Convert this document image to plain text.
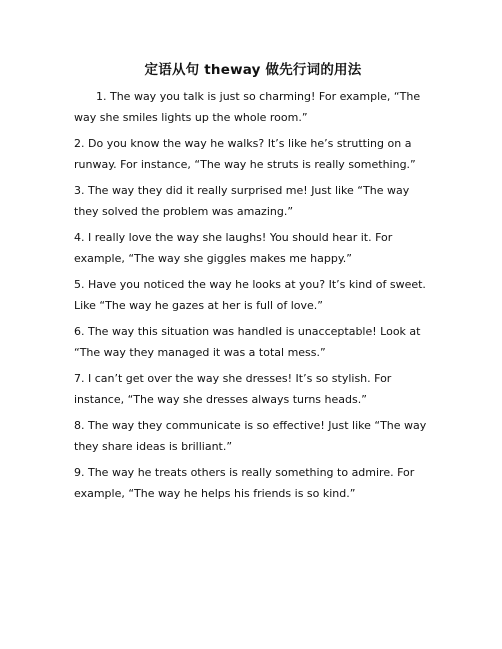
定语从句 theway 做先行词的用法

1. The way you talk is just so charming! For example, “The way she smiles lights up the whole room.”

2. Do you know the way he walks? It’s like he’s strutting on a runway. For instance, “The way he struts is really something.”

3. The way they did it really surprised me! Just like “The way they solved the problem was amazing.”

4. I really love the way she laughs! You should hear it. For example, “The way she giggles makes me happy.”

5. Have you noticed the way he looks at you? It’s kind of sweet. Like “The way he gazes at her is full of love.”

6. The way this situation was handled is unacceptable! Look at “The way they managed it was a total mess.”

7. I can’t get over the way she dresses! It’s so stylish. For instance, “The way she dresses always turns heads.”

8. The way they communicate is so effective! Just like “The way they share ideas is brilliant.”

9. The way he treats others is really something to admire. For example, “The way he helps his friends is so kind.”
